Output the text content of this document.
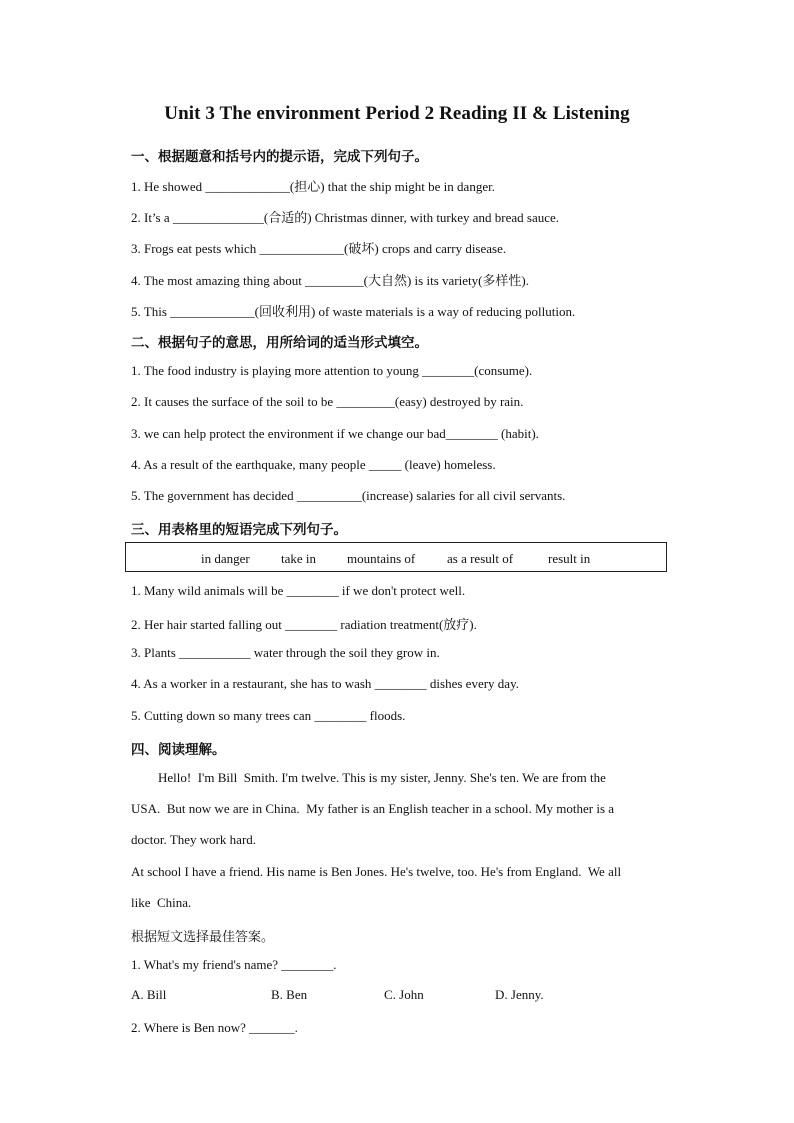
Unit 3 The environment Period 2 Reading II & Listening
一、根据题意和括号内的提示语，完成下列句子。
1. He showed _____________(担心) that the ship might be in danger.
2. It’s a ______________(合适的) Christmas dinner, with turkey and bread sauce.
3. Frogs eat pests which _____________(破坏) crops and carry disease.
4. The most amazing thing about _________(大自然) is its variety(多样性).
5. This _____________(回收利用) of waste materials is a way of reducing pollution.
二、根据句子的意思，用所给词的适当形式填空。
1. The food industry is playing more attention to young ________(consume).
2. It causes the surface of the soil to be _________(easy) destroyed by rain.
3. we can help protect the environment if we change our bad________ (habit).
4. As a result of the earthquake, many people _____ (leave) homeless.
5. The government has decided __________(increase) salaries for all civil servants.
三、用表格里的短语完成下列句子。
in danger take in mountains of as a result of	result in
1. Many wild animals will be ________ if we don't protect well.
2. Her hair started falling out ________ radiation treatment(放疗).
3. Plants ___________ water through the soil they grow in.
4. As a worker in a restaurant, she has to wash ________ dishes every day.
5. Cutting down so many trees can ________ floods.
四、阅读理解。
Hello!  I'm Bill  Smith. I'm twelve. This is my sister, Jenny. She's ten. We are from the
USA.  But now we are in China.  My father is an English teacher in a school. My mother is a
doctor. They work hard.
At school I have a friend. His name is Ben Jones. He's twelve, too. He's from England.  We all
like  China.
根据短文选择最佳答案。
1. What's my friend's name? ________.
A. Bill	B. Ben	C. John	D. Jenny.
2. Where is Ben now? _______.
